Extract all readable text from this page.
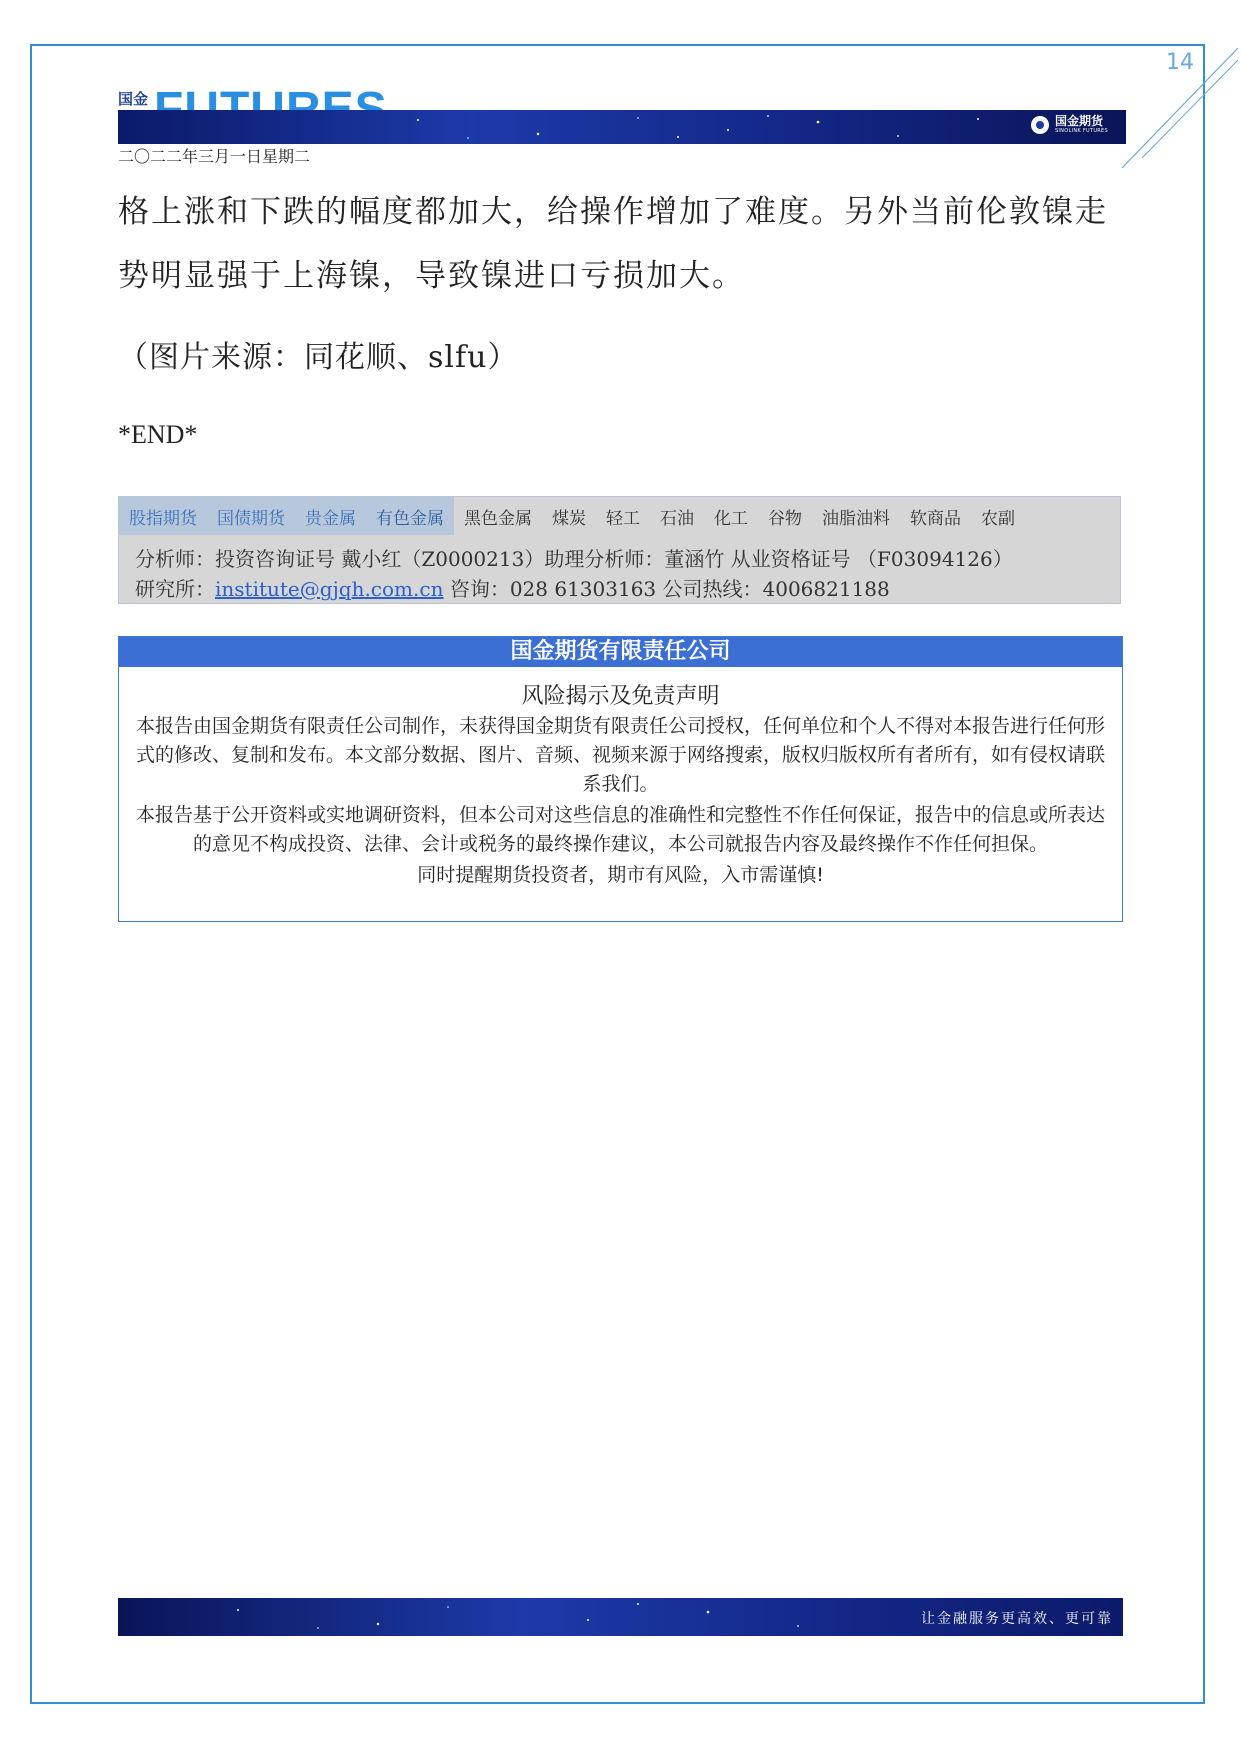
14
国金

国金期货
SINOLINK FUTURES
二〇二二年三月一日星期二
格上涨和下跌的幅度都加大，给操作增加了难度。另外当前伦敦镍走势明显强于上海镍，导致镍进口亏损加大。
（图片来源：同花顺、slfu）
*END*
股指期货	国债期货	贵金属	有色金属	黑色金属	煤炭	轻工	石油	化工	谷物	油脂油料	软商品	农副
分析师：投资咨询证号 戴小红（Z0000213）助理分析师：董涵竹 从业资格证号 （F03094126）
研究所：institute@gjqh.com.cn 咨询：028 61303163 公司热线：4006821188
国金期货有限责任公司
风险揭示及免责声明
本报告由国金期货有限责任公司制作，未获得国金期货有限责任公司授权，任何单位和个人不得对本报告进行任何形式的修改、复制和发布。本文部分数据、图片、音频、视频来源于网络搜索，版权归版权所有者所有，如有侵权请联系我们。
本报告基于公开资料或实地调研资料，但本公司对这些信息的准确性和完整性不作任何保证，报告中的信息或所表达的意见不构成投资、法律、会计或税务的最终操作建议，本公司就报告内容及最终操作不作任何担保。
同时提醒期货投资者，期市有风险，入市需谨慎!
让金融服务更高效、更可靠
